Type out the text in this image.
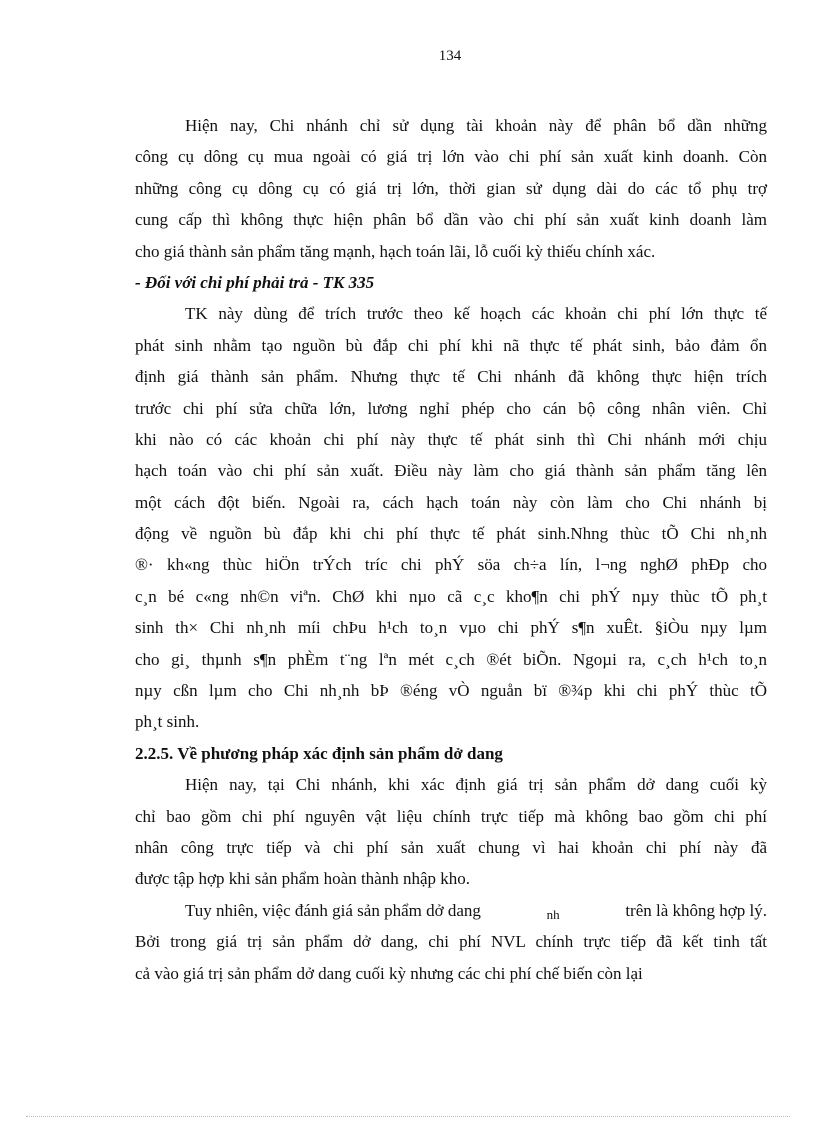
134
Hiện nay, Chi nhánh chỉ sử dụng tài khoản này để phân bổ dần những
công cụ dông cụ mua ngoài có giá trị lớn vào chi phí sản xuất kinh doanh. Còn
những công cụ dông cụ có giá trị lớn, thời gian sử dụng dài do các tổ phụ trợ
cung cấp thì không thực hiện phân bổ dần vào chi phí sản xuất kinh doanh làm
cho giá thành sản phẩm tăng mạnh, hạch toán lãi, lỗ cuối kỳ thiếu chính xác.
- Đối với chi phí phải trả - TK 335
TK này dùng để trích trước theo kế hoạch các khoản chi phí lớn thực tế
phát sinh nhằm tạo nguồn bù đắp chi phí khi nã thực tế phát sinh, bảo đảm ổn
định giá thành sản phẩm. Nhưng thực tế Chi nhánh đã không thực hiện trích
trước chi phí sửa chữa lớn, lương nghỉ phép cho cán bộ công nhân viên. Chỉ
khi nào có các khoản chi phí này thực tế phát sinh thì Chi nhánh mới chịu
hạch toán vào chi phí sản xuất. Điều này làm cho giá thành sản phẩm tăng lên
một cách đột biến. Ngoài ra, cách hạch toán này còn làm cho Chi nhánh bị
động về nguồn bù đắp khi chi phí thực tế phát sinh.Nhng thùc tÕ Chi nh¸nh
®· kh«ng thùc hiÖn trÝch tríc chi phÝ söa ch÷a lín, l¬ng nghØ phÐp cho
c¸n bé c«ng nh©n viªn. ChØ khi nµo cã c¸c kho¶n chi phÝ nµy thùc tÕ ph¸t
sinh th× Chi nh¸nh míi chÞu h¹ch to¸n vµo chi phÝ s¶n xuÊt. §iÒu nµy lµm
cho gi¸ thµnh s¶n phÈm t¨ng lªn mét c¸ch ®ét biÕn. Ngoµi ra, c¸ch h¹ch to¸n
nµy cßn lµm cho Chi nh¸nh bÞ ®éng vÒ nguån bï ®¾p khi chi phÝ thùc tÕ
ph¸t sinh.
2.2.5. Về phương pháp xác định sản phẩm dở dang
Hiện nay, tại Chi nhánh, khi xác định giá trị sản phẩm dở dang cuối kỳ
chỉ bao gồm chi phí nguyên vật liệu chính trực tiếp mà không bao gồm chi phí
nhân công trực tiếp và chi phí sản xuất chung vì hai khoản chi phí này đã
được tập hợp khi sản phẩm hoàn thành nhập kho.
Tuy nhiên, việc đánh giá sản phẩm dở dang	nh	trên là không hợp lý.
Bởi trong giá trị sản phẩm dở dang, chi phí NVL chính trực tiếp đã kết tinh tất
cả vào giá trị sản phẩm dở dang cuối kỳ nhưng các chi phí chế biến còn lại
